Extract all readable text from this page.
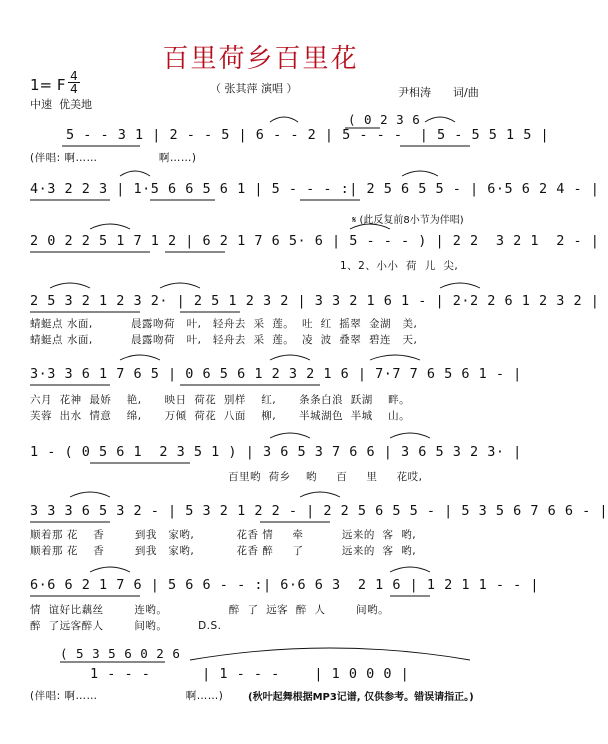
百里荷乡百里花
1= F $\frac{4}{4}$	（ 张其萍 演唱 ）	尹相涛　　词/曲
中速  优美地
( 0 2 3 6
5 - - 3 1 | 2 - - 5 | 6 - - 2 | 5 - - -  | 5 - 5 5 1 5 |
(伴唱: 啊……                啊……)
4·3 2 2 3 | 1·5 6 6 5 6 1 | 5 - - - :| 2 5 6 5 5 - | 6·5 6 2 4 - |
𝄋 (此反复前8小节为伴唱)
2 0 2 2 5 1 7 1 2 | 6 2 1 7 6 5· 6 | 5 - - - ) | 2 2  3 2 1  2 - |
1、2、小小  荷  儿  尖,
2 5 3 2 1 2 3 2· | 2 5 1 2 3 2 | 3 3 2 1 6 1 - | 2·2 2 6 1 2 3 2 |
蜻蜓点 水面,          晨露吻荷   叶,   轻舟去  采  莲。  吐  红  摇翠  金湖   美,
蜻蜓点 水面,          晨露吻荷   叶,   轻舟去  采  莲。  凌  波  叠翠  碧连   天,
3·3 3 6 1 7 6 5 | 0 6 5 6 1 2 3 2 1 6 | 7·7 7 6 5 6 1 - |
六月  花神  最娇    艳,      映日  荷花  别样    红,      条条白浪  跃湖    畔。
芙蓉  出水  情意    绵,      万倾  荷花  八面    柳,      半城湖色  半城    山。
1 - ( 0 5 6 1  2 3 5 1 ) | 3 6 5 3 7 6 6 | 3 6 5 3 2 3· |
百里哟  荷乡    哟     百     里     花哎,
3 3 3 6 5 3 2 - | 5 3 2 1 2 2 - | 2 2 5 6 5 5 - | 5 3 5 6 7 6 6 - |
顺着那 花    香        到我   家哟,           花香 情     牵          远来的  客  哟,
顺着那 花    香        到我   家哟,           花香 醉     了          远来的  客  哟,
6·6 6 2 1 7 6 | 5 6 6 - - :| 6·6 6 3  2 1 6 | 1 2 1 1 - - |
情  谊好比藕丝        连哟。                醉  了  远客  醉  人        间哟。
醉  了远客醉人        间哟。        D.S.
( 5 3 5 6 0 2 6
1 - - -      | 1 - - -    | 1 0 0 0 |
(伴唱: 啊……                       啊……) (秋叶起舞根据MP3记谱, 仅供参考。错误请指正。)
